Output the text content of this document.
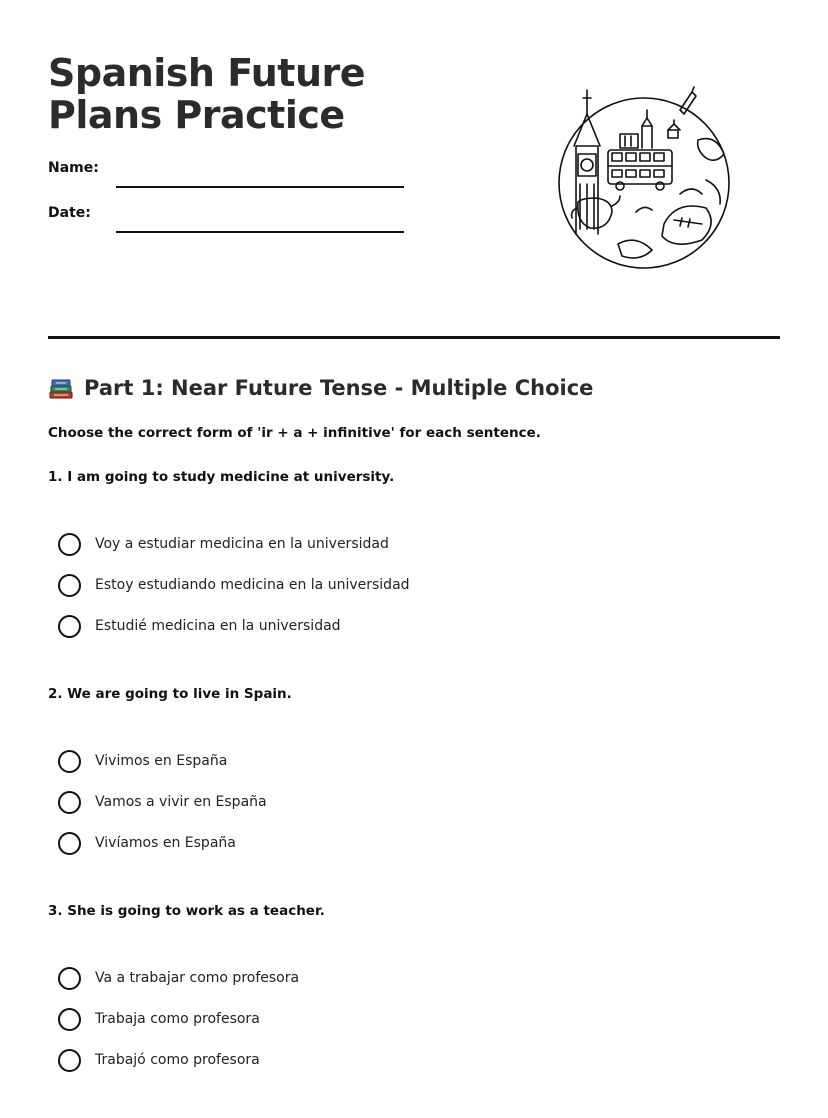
Spanish Future Plans Practice
Name:
Date:
Part 1: Near Future Tense - Multiple Choice
Choose the correct form of 'ir + a + infinitive' for each sentence.
1. I am going to study medicine at university.
Voy a estudiar medicina en la universidad
Estoy estudiando medicina en la universidad
Estudié medicina en la universidad
2. We are going to live in Spain.
Vivimos en España
Vamos a vivir en España
Vivíamos en España
3. She is going to work as a teacher.
Va a trabajar como profesora
Trabaja como profesora
Trabajó como profesora
